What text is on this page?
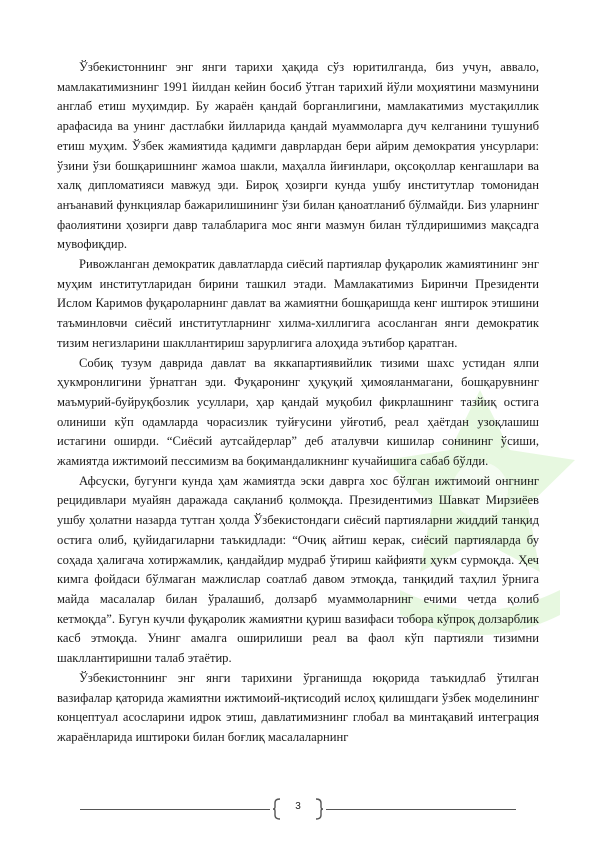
Ўзбекистоннинг энг янги тарихи ҳақида сўз юритилганда, биз учун, аввало, мамлакатимизнинг 1991 йилдан кейин босиб ўтган тарихий йўли моҳиятини мазмунини англаб етиш муҳимдир. Бу жараён қандай борганлигини, мамлакатимиз мустақиллик арафасида ва унинг дастлабки йилларида қандай муаммоларга дуч келганини тушуниб етиш муҳим. Ўзбек жамиятида қадимги даврлардан бери айрим демократия унсурлари: ўзини ўзи бошқаришнинг жамоа шакли, маҳалла йиғинлари, оқсоқоллар кенгашлари ва халқ дипломатияси мавжуд эди. Бироқ ҳозирги кунда ушбу институтлар томонидан анъанавий функциялар бажарилишининг ўзи билан қаноатланиб бўлмайди. Биз уларнинг фаолиятини ҳозирги давр талабларига мос янги мазмун билан тўлдиришимиз мақсадга мувофиқдир.

Ривожланган демократик давлатларда сиёсий партиялар фуқаролик жамиятининг энг муҳим институтларидан бирини ташкил этади. Мамлакатимиз Биринчи Президенти Ислом Каримов фуқароларнинг давлат ва жамиятни бошқаришда кенг иштирок этишини таъминловчи сиёсий институтларнинг хилма-хиллигига асосланган янги демократик тизим негизларини шакллантириш зарурлигига алоҳида эътибор қаратган.

Собиқ тузум даврида давлат ва яккапартиявийлик тизими шахс устидан ялпи ҳукмронлигини ўрнатган эди. Фуқаронинг ҳуқуқий ҳимояланмагани, бошқарувнинг маъмурий-буйруқбозлик усуллари, ҳар қандай муқобил фикрлашнинг тазйиқ остига олиниши кўп одамларда чорасизлик туйғусини уйғотиб, реал ҳаётдан узоқлашиш истагини оширди. “Сиёсий аутсайдерлар” деб аталувчи кишилар сонининг ўсиши, жамиятда ижтимоий пессимизм ва боқимандаликнинг кучайишига сабаб бўлди.

Афсуски, бугунги кунда ҳам жамиятда эски даврга хос бўлган ижтимоий онгнинг рецидивлари муайян даражада сақланиб қолмоқда. Президентимиз Шавкат Мирзиёев ушбу ҳолатни назарда тутган ҳолда Ўзбекистондаги сиёсий партияларни жиддий танқид остига олиб, қуйидагиларни таъкидлади: “Очиқ айтиш керак, сиёсий партияларда бу соҳада ҳалигача хотиржамлик, қандайдир мудраб ўтириш кайфияти ҳукм сурмоқда. Ҳеч кимга фойдаси бўлмаган мажлислар соатлаб давом этмоқда, танқидий таҳлил ўрнига майда масалалар билан ўралашиб, долзарб муаммоларнинг ечими четда қолиб кетмоқда”. Бугун кучли фуқаролик жамиятни қуриш вазифаси тобора кўпроқ долзарблик касб этмоқда. Унинг амалга оширилиши реал ва фаол кўп партияли тизимни шакллантиришни талаб этаётир.

Ўзбекистоннинг энг янги тарихини ўрганишда юқорида таъкидлаб ўтилган вазифалар қаторида жамиятни ижтимоий-иқтисодий ислоҳ қилишдаги ўзбек моделининг концептуал асосларини идрок этиш, давлатимизнинг глобал ва минтақавий интеграция жараёнларида иштироки билан боғлиқ масалаларнинг

3
